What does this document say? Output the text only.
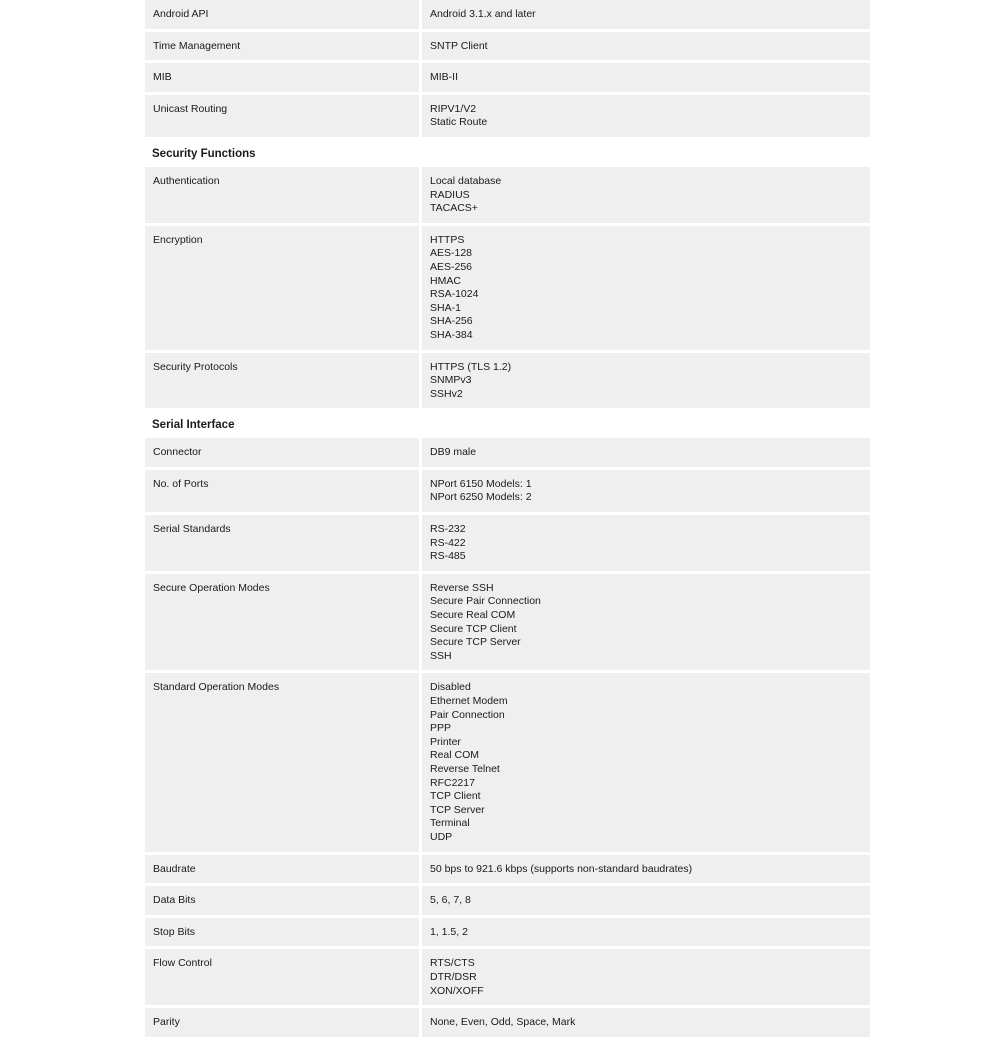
Android API	Android 3.1.x and later
Time Management	SNTP Client
MIB	MIB-II
Unicast Routing	RIPV1/V2
Static Route
Security Functions
Authentication	Local database
RADIUS
TACACS+
Encryption	HTTPS
AES-128
AES-256
HMAC
RSA-1024
SHA-1
SHA-256
SHA-384
Security Protocols	HTTPS (TLS 1.2)
SNMPv3
SSHv2
Serial Interface
Connector	DB9 male
No. of Ports	NPort 6150 Models: 1
NPort 6250 Models: 2
Serial Standards	RS-232
RS-422
RS-485
Secure Operation Modes	Reverse SSH
Secure Pair Connection
Secure Real COM
Secure TCP Client
Secure TCP Server
SSH
Standard Operation Modes	Disabled
Ethernet Modem
Pair Connection
PPP
Printer
Real COM
Reverse Telnet
RFC2217
TCP Client
TCP Server
Terminal
UDP
Baudrate	50 bps to 921.6 kbps (supports non-standard baudrates)
Data Bits	5, 6, 7, 8
Stop Bits	1, 1.5, 2
Flow Control	RTS/CTS
DTR/DSR
XON/XOFF
Parity	None, Even, Odd, Space, Mark
